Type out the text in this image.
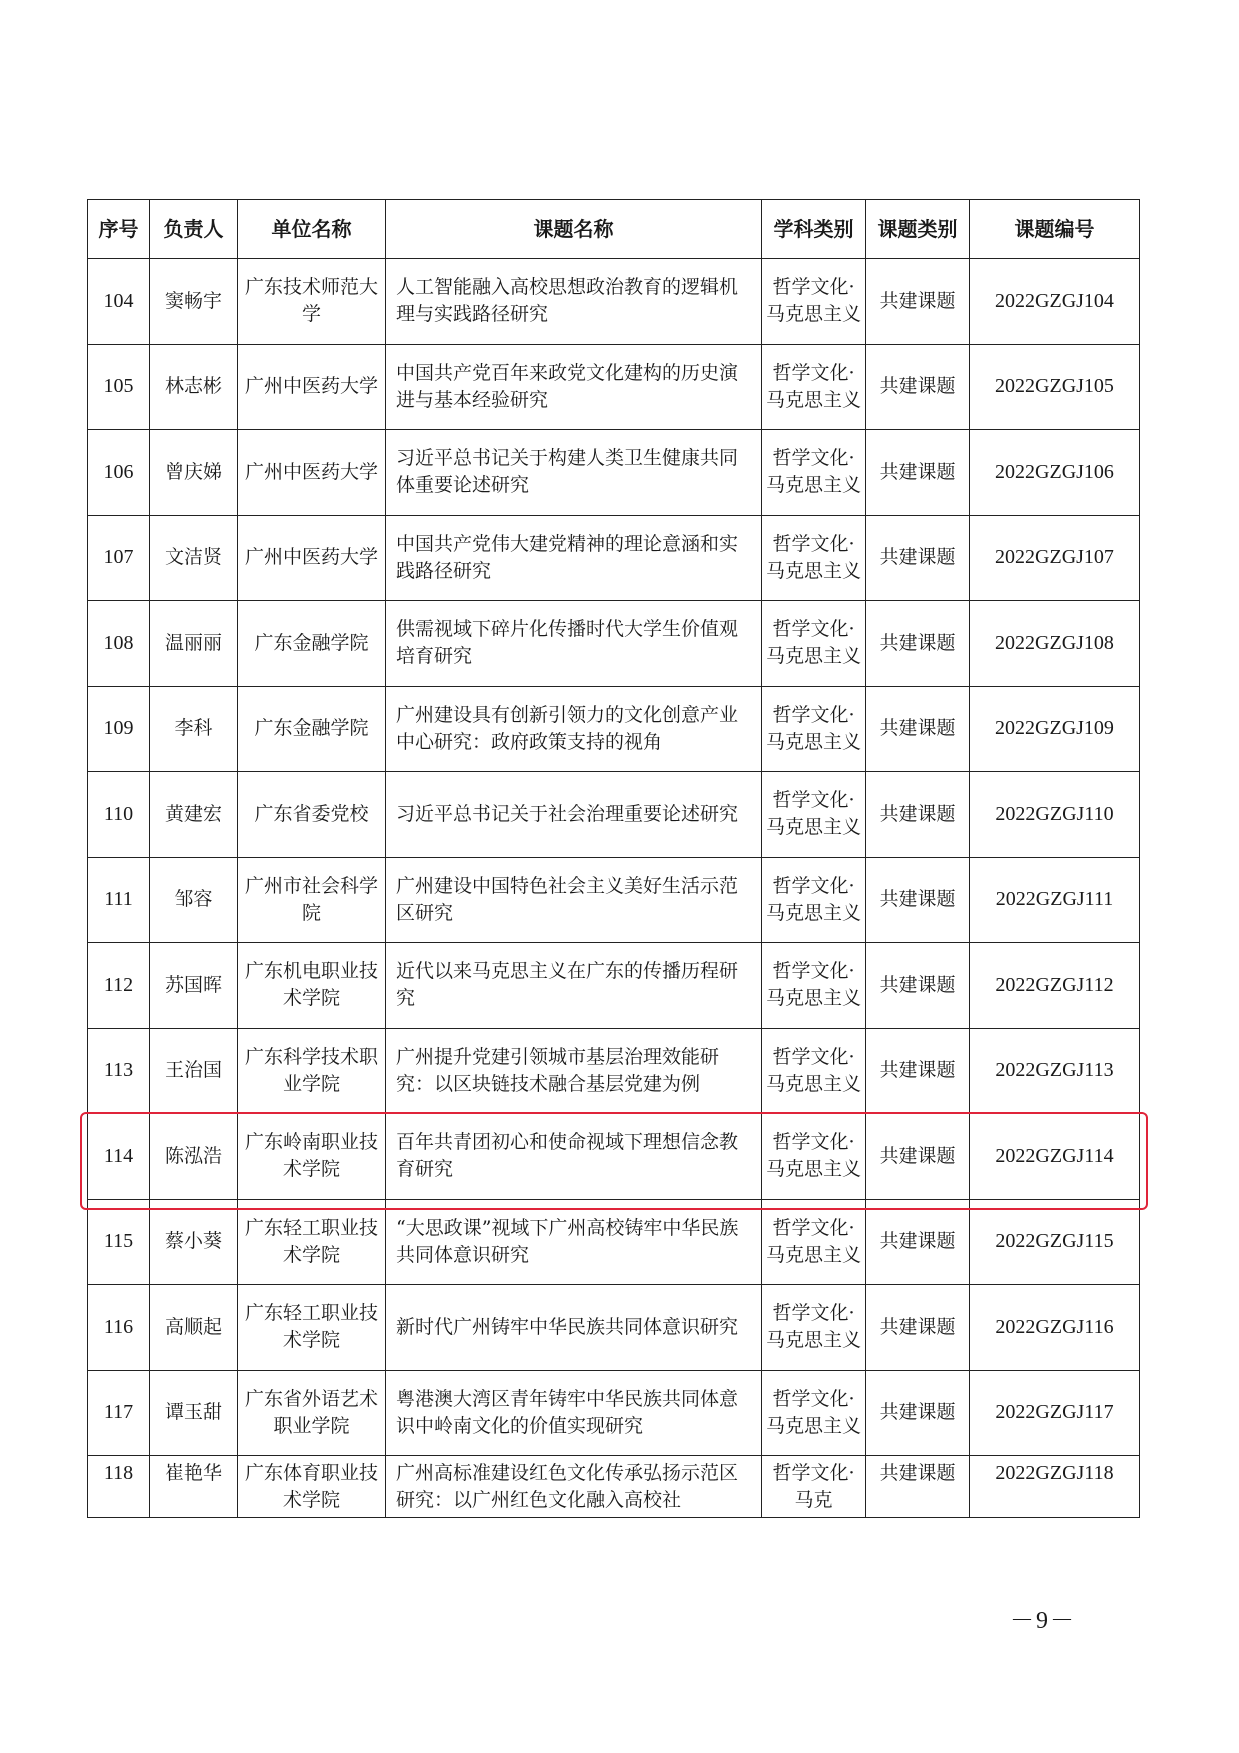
序号	负责人	单位名称	课题名称	学科类别	课题类别	课题编号
104	窦畅宇	广东技术师范大学	人工智能融入高校思想政治教育的逻辑机理与实践路径研究	哲学文化·马克思主义	共建课题	2022GZGJ104
105	林志彬	广州中医药大学	中国共产党百年来政党文化建构的历史演进与基本经验研究	哲学文化·马克思主义	共建课题	2022GZGJ105
106	曾庆娣	广州中医药大学	习近平总书记关于构建人类卫生健康共同体重要论述研究	哲学文化·马克思主义	共建课题	2022GZGJ106
107	文洁贤	广州中医药大学	中国共产党伟大建党精神的理论意涵和实践路径研究	哲学文化·马克思主义	共建课题	2022GZGJ107
108	温丽丽	广东金融学院	供需视域下碎片化传播时代大学生价值观培育研究	哲学文化·马克思主义	共建课题	2022GZGJ108
109	李科	广东金融学院	广州建设具有创新引领力的文化创意产业中心研究：政府政策支持的视角	哲学文化·马克思主义	共建课题	2022GZGJ109
110	黄建宏	广东省委党校	习近平总书记关于社会治理重要论述研究	哲学文化·马克思主义	共建课题	2022GZGJ110
111	邹容	广州市社会科学院	广州建设中国特色社会主义美好生活示范区研究	哲学文化·马克思主义	共建课题	2022GZGJ111
112	苏国晖	广东机电职业技术学院	近代以来马克思主义在广东的传播历程研究	哲学文化·马克思主义	共建课题	2022GZGJ112
113	王治国	广东科学技术职业学院	广州提升党建引领城市基层治理效能研究：以区块链技术融合基层党建为例	哲学文化·马克思主义	共建课题	2022GZGJ113
114	陈泓浩	广东岭南职业技术学院	百年共青团初心和使命视域下理想信念教育研究	哲学文化·马克思主义	共建课题	2022GZGJ114
115	蔡小葵	广东轻工职业技术学院	“大思政课”视域下广州高校铸牢中华民族共同体意识研究	哲学文化·马克思主义	共建课题	2022GZGJ115
116	高顺起	广东轻工职业技术学院	新时代广州铸牢中华民族共同体意识研究	哲学文化·马克思主义	共建课题	2022GZGJ116
117	谭玉甜	广东省外语艺术职业学院	粤港澳大湾区青年铸牢中华民族共同体意识中岭南文化的价值实现研究	哲学文化·马克思主义	共建课题	2022GZGJ117
118	崔艳华	广东体育职业技术学院	广州高标准建设红色文化传承弘扬示范区研究：以广州红色文化融入高校社	哲学文化·马克	共建课题	2022GZGJ118
－9－
